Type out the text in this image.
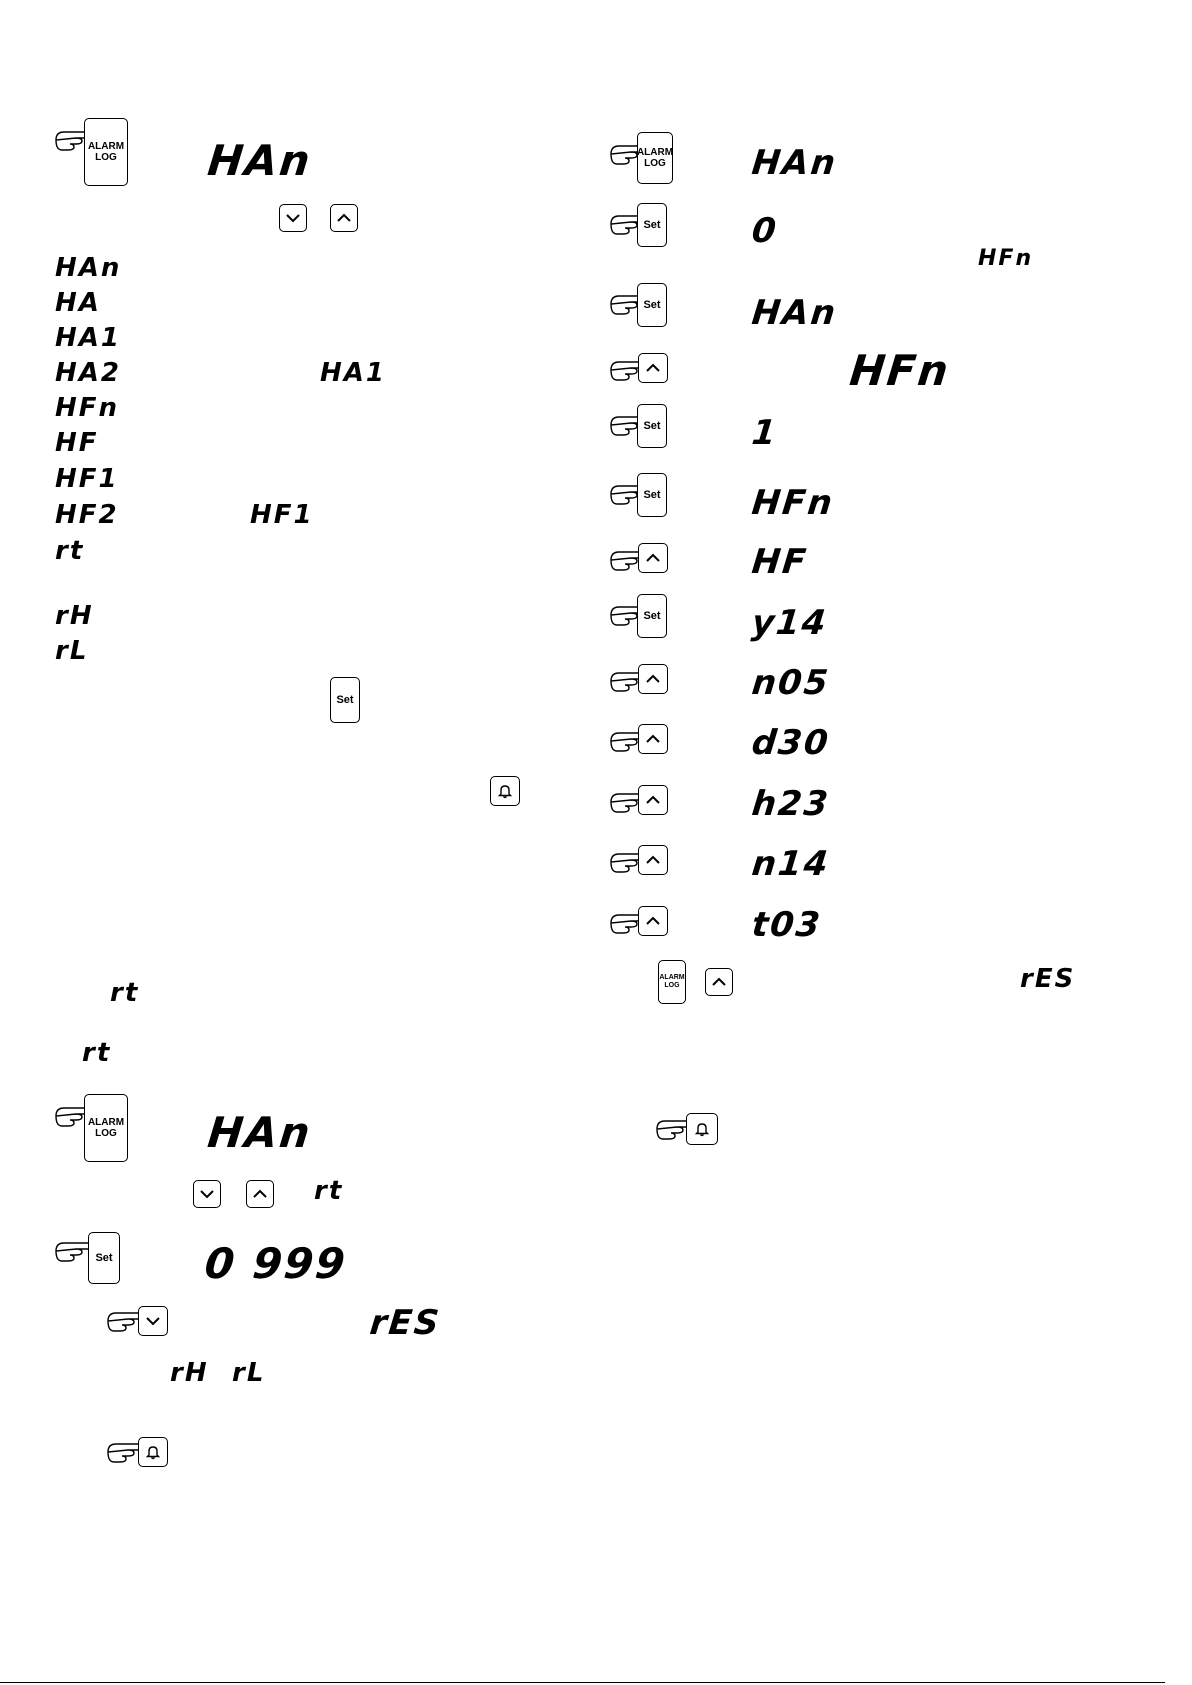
ALARM
LOG HAn
HAn
HA
HA1
HA2	HA1
HFn
HF
HF1
HF2	HF1
rt
rH
rL
Set
rt
rt
ALARM
LOG HAn
rt
Set 0 999
rES
rH rL
ALARM
LOG HAn
Set	0
HFn
Set	HAn
HFn
Set	1
Set	HFn
HF
Set	y14
n05
d30
h23
n14
t03
ALARM
LOG	rES
